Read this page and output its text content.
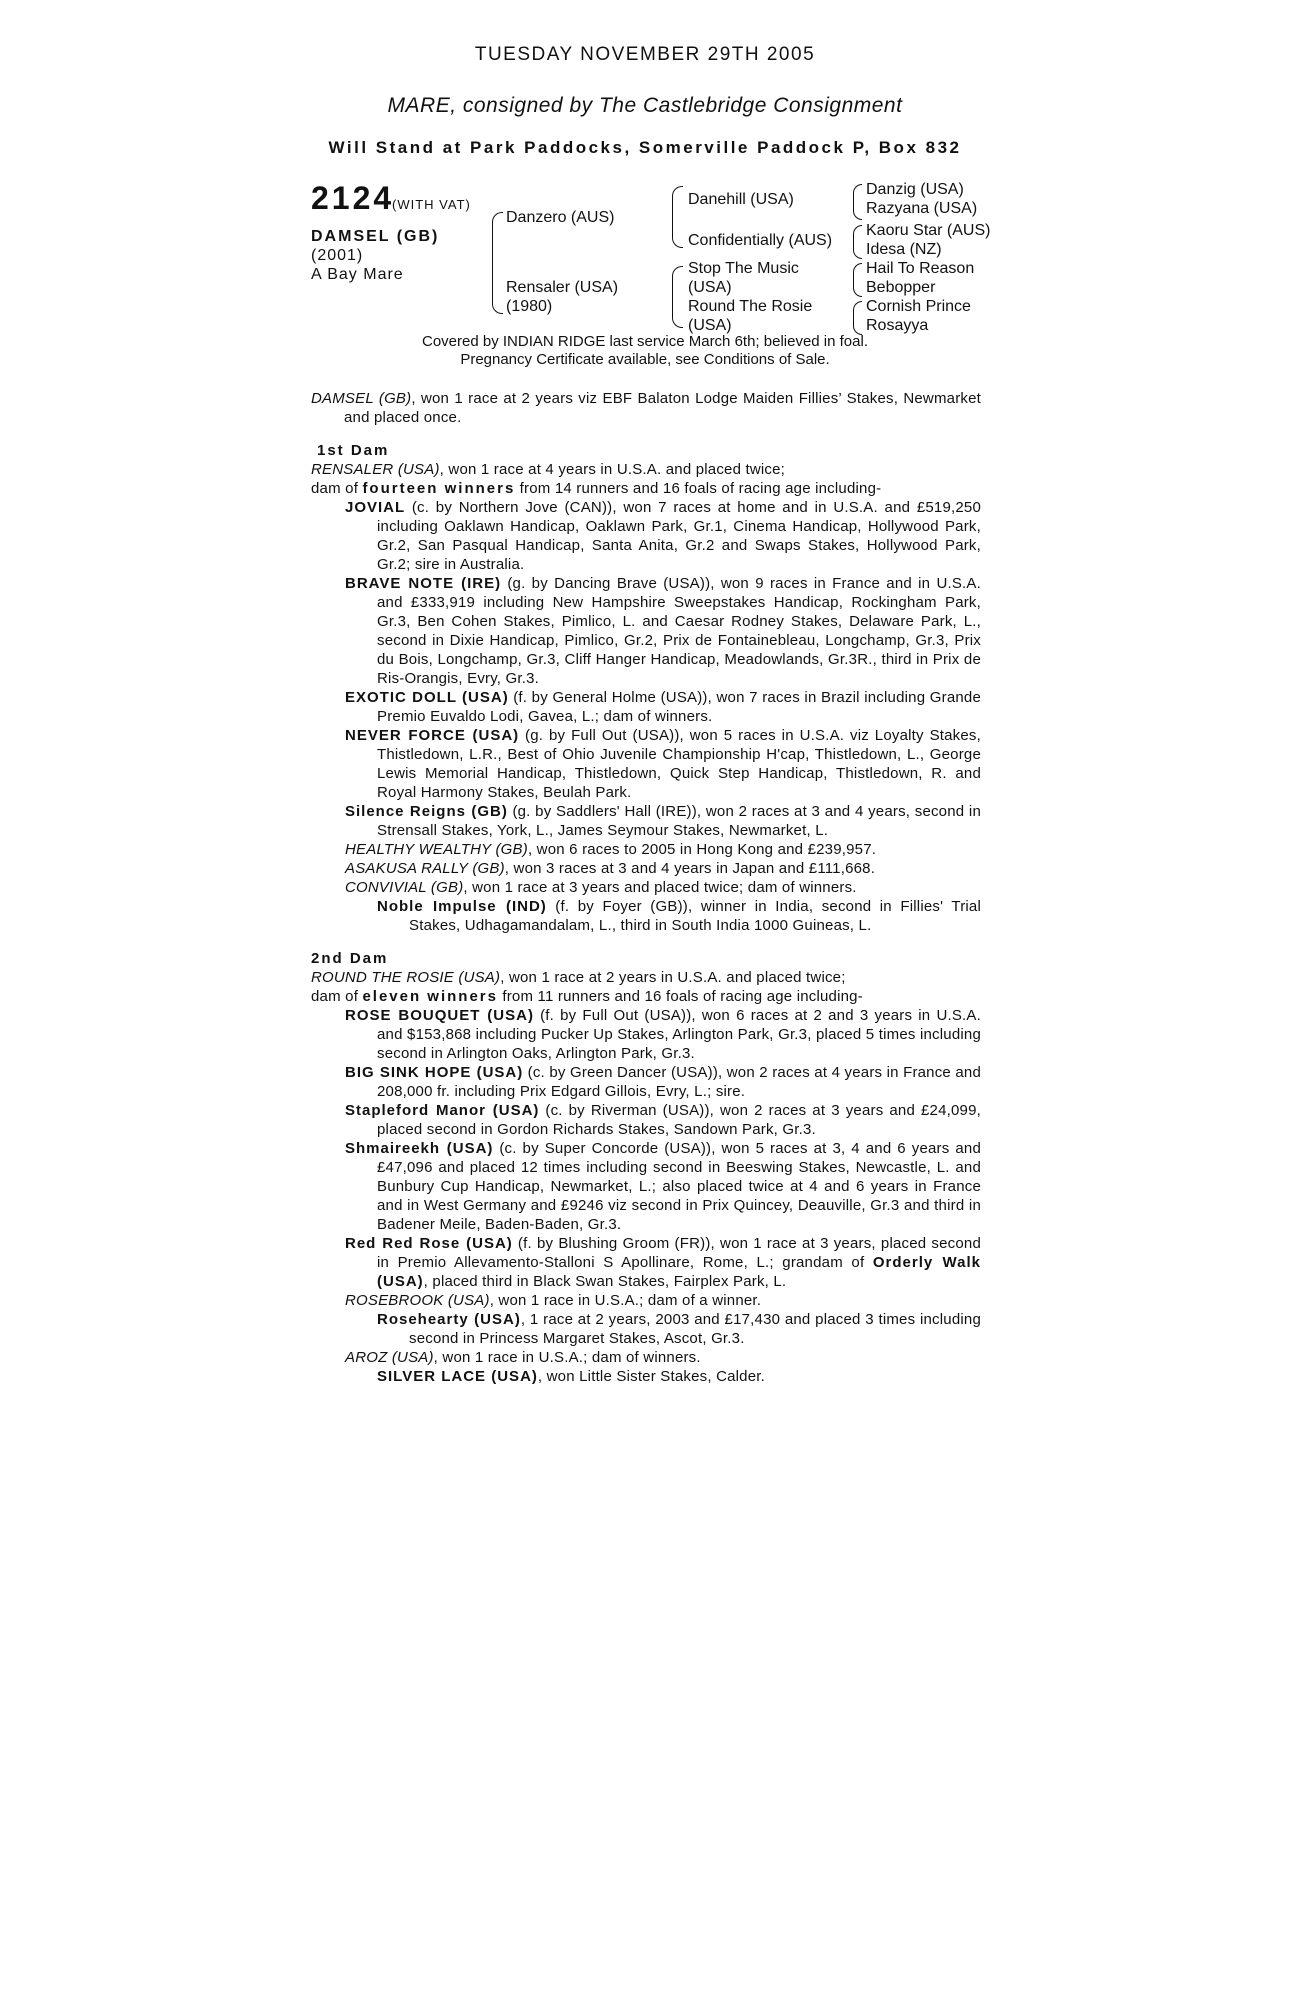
TUESDAY NOVEMBER 29TH 2005
MARE, consigned by The Castlebridge Consignment
Will Stand at Park Paddocks, Somerville Paddock P, Box 832
2124
(WITH VAT)
DAMSEL (GB)
(2001)
A Bay Mare
Danzero (AUS)
Rensaler (USA)
(1980)
Danehill (USA)
Confidentially (AUS)
Stop The Music
(USA)
Round The Rosie
(USA)
Danzig (USA)
Razyana (USA)
Kaoru Star (AUS)
Idesa (NZ)
Hail To Reason
Bebopper
Cornish Prince
Rosayya
Covered by INDIAN RIDGE last service March 6th; believed in foal.
Pregnancy Certificate available, see Conditions of Sale.
DAMSEL (GB), won 1 race at 2 years viz EBF Balaton Lodge Maiden Fillies’ Stakes, Newmarket and placed once.
1st Dam
RENSALER (USA), won 1 race at 4 years in U.S.A. and placed twice;
dam of fourteen winners from 14 runners and 16 foals of racing age including-
JOVIAL (c. by Northern Jove (CAN)), won 7 races at home and in U.S.A. and £519,250 including Oaklawn Handicap, Oaklawn Park, Gr.1, Cinema Handicap, Hollywood Park, Gr.2, San Pasqual Handicap, Santa Anita, Gr.2 and Swaps Stakes, Hollywood Park, Gr.2; sire in Australia.
BRAVE NOTE (IRE) (g. by Dancing Brave (USA)), won 9 races in France and in U.S.A. and £333,919 including New Hampshire Sweepstakes Handicap, Rockingham Park, Gr.3, Ben Cohen Stakes, Pimlico, L. and Caesar Rodney Stakes, Delaware Park, L., second in Dixie Handicap, Pimlico, Gr.2, Prix de Fontainebleau, Longchamp, Gr.3, Prix du Bois, Longchamp, Gr.3, Cliff Hanger Handicap, Meadowlands, Gr.3R., third in Prix de Ris-Orangis, Evry, Gr.3.
EXOTIC DOLL (USA) (f. by General Holme (USA)), won 7 races in Brazil including Grande Premio Euvaldo Lodi, Gavea, L.; dam of winners.
NEVER FORCE (USA) (g. by Full Out (USA)), won 5 races in U.S.A. viz Loyalty Stakes, Thistledown, L.R., Best of Ohio Juvenile Championship H'cap, Thistledown, L., George Lewis Memorial Handicap, Thistledown, Quick Step Handicap, Thistledown, R. and Royal Harmony Stakes, Beulah Park.
Silence Reigns (GB) (g. by Saddlers' Hall (IRE)), won 2 races at 3 and 4 years, second in Strensall Stakes, York, L., James Seymour Stakes, Newmarket, L.
HEALTHY WEALTHY (GB), won 6 races to 2005 in Hong Kong and £239,957.
ASAKUSA RALLY (GB), won 3 races at 3 and 4 years in Japan and £111,668.
CONVIVIAL (GB), won 1 race at 3 years and placed twice; dam of winners.
Noble Impulse (IND) (f. by Foyer (GB)), winner in India, second in Fillies' Trial Stakes, Udhagamandalam, L., third in South India 1000 Guineas, L.
2nd Dam
ROUND THE ROSIE (USA), won 1 race at 2 years in U.S.A. and placed twice;
dam of eleven winners from 11 runners and 16 foals of racing age including-
ROSE BOUQUET (USA) (f. by Full Out (USA)), won 6 races at 2 and 3 years in U.S.A. and $153,868 including Pucker Up Stakes, Arlington Park, Gr.3, placed 5 times including second in Arlington Oaks, Arlington Park, Gr.3.
BIG SINK HOPE (USA) (c. by Green Dancer (USA)), won 2 races at 4 years in France and 208,000 fr. including Prix Edgard Gillois, Evry, L.; sire.
Stapleford Manor (USA) (c. by Riverman (USA)), won 2 races at 3 years and £24,099, placed second in Gordon Richards Stakes, Sandown Park, Gr.3.
Shmaireekh (USA) (c. by Super Concorde (USA)), won 5 races at 3, 4 and 6 years and £47,096 and placed 12 times including second in Beeswing Stakes, Newcastle, L. and Bunbury Cup Handicap, Newmarket, L.; also placed twice at 4 and 6 years in France and in West Germany and £9246 viz second in Prix Quincey, Deauville, Gr.3 and third in Badener Meile, Baden-Baden, Gr.3.
Red Red Rose (USA) (f. by Blushing Groom (FR)), won 1 race at 3 years, placed second in Premio Allevamento-Stalloni S Apollinare, Rome, L.; grandam of Orderly Walk (USA), placed third in Black Swan Stakes, Fairplex Park, L.
ROSEBROOK (USA), won 1 race in U.S.A.; dam of a winner.
Rosehearty (USA), 1 race at 2 years, 2003 and £17,430 and placed 3 times including second in Princess Margaret Stakes, Ascot, Gr.3.
AROZ (USA), won 1 race in U.S.A.; dam of winners.
SILVER LACE (USA), won Little Sister Stakes, Calder.
